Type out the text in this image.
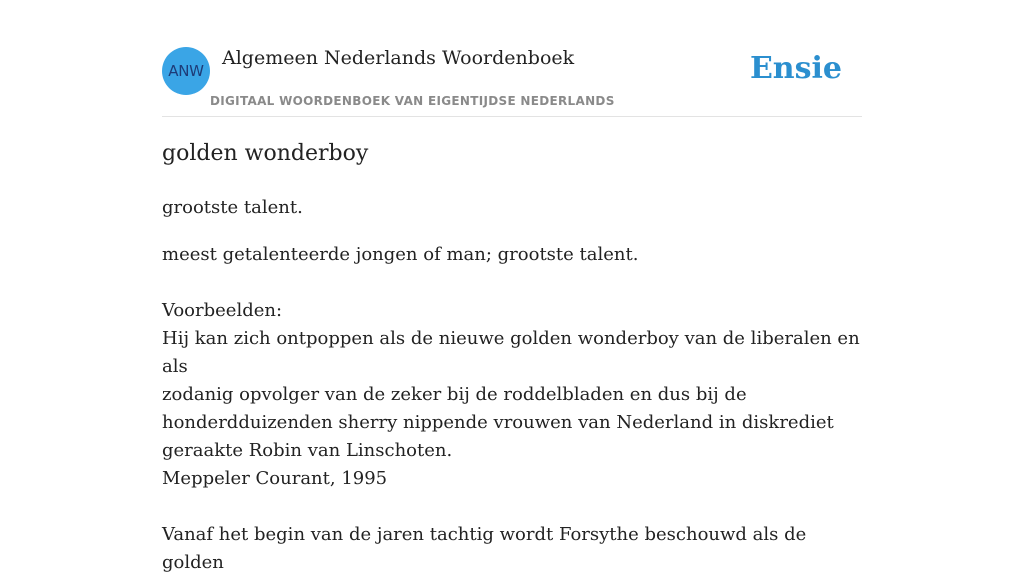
ANW
Algemeen Nederlands Woordenboek
DIGITAAL WOORDENBOEK VAN EIGENTIJDSE NEDERLANDS
Ensie
golden wonderboy

grootste talent.

meest getalenteerde jongen of man; grootste talent.
Voorbeelden:
Hij kan zich ontpoppen als de nieuwe golden wonderboy van de liberalen en als
zodanig opvolger van de zeker bij de roddelbladen en dus bij de
honderdduizenden sherry nippende vrouwen van Nederland in diskrediet
geraakte Robin van Linschoten.
Meppeler Courant, 1995
Vanaf het begin van de jaren tachtig wordt Forsythe beschouwd als de golden
